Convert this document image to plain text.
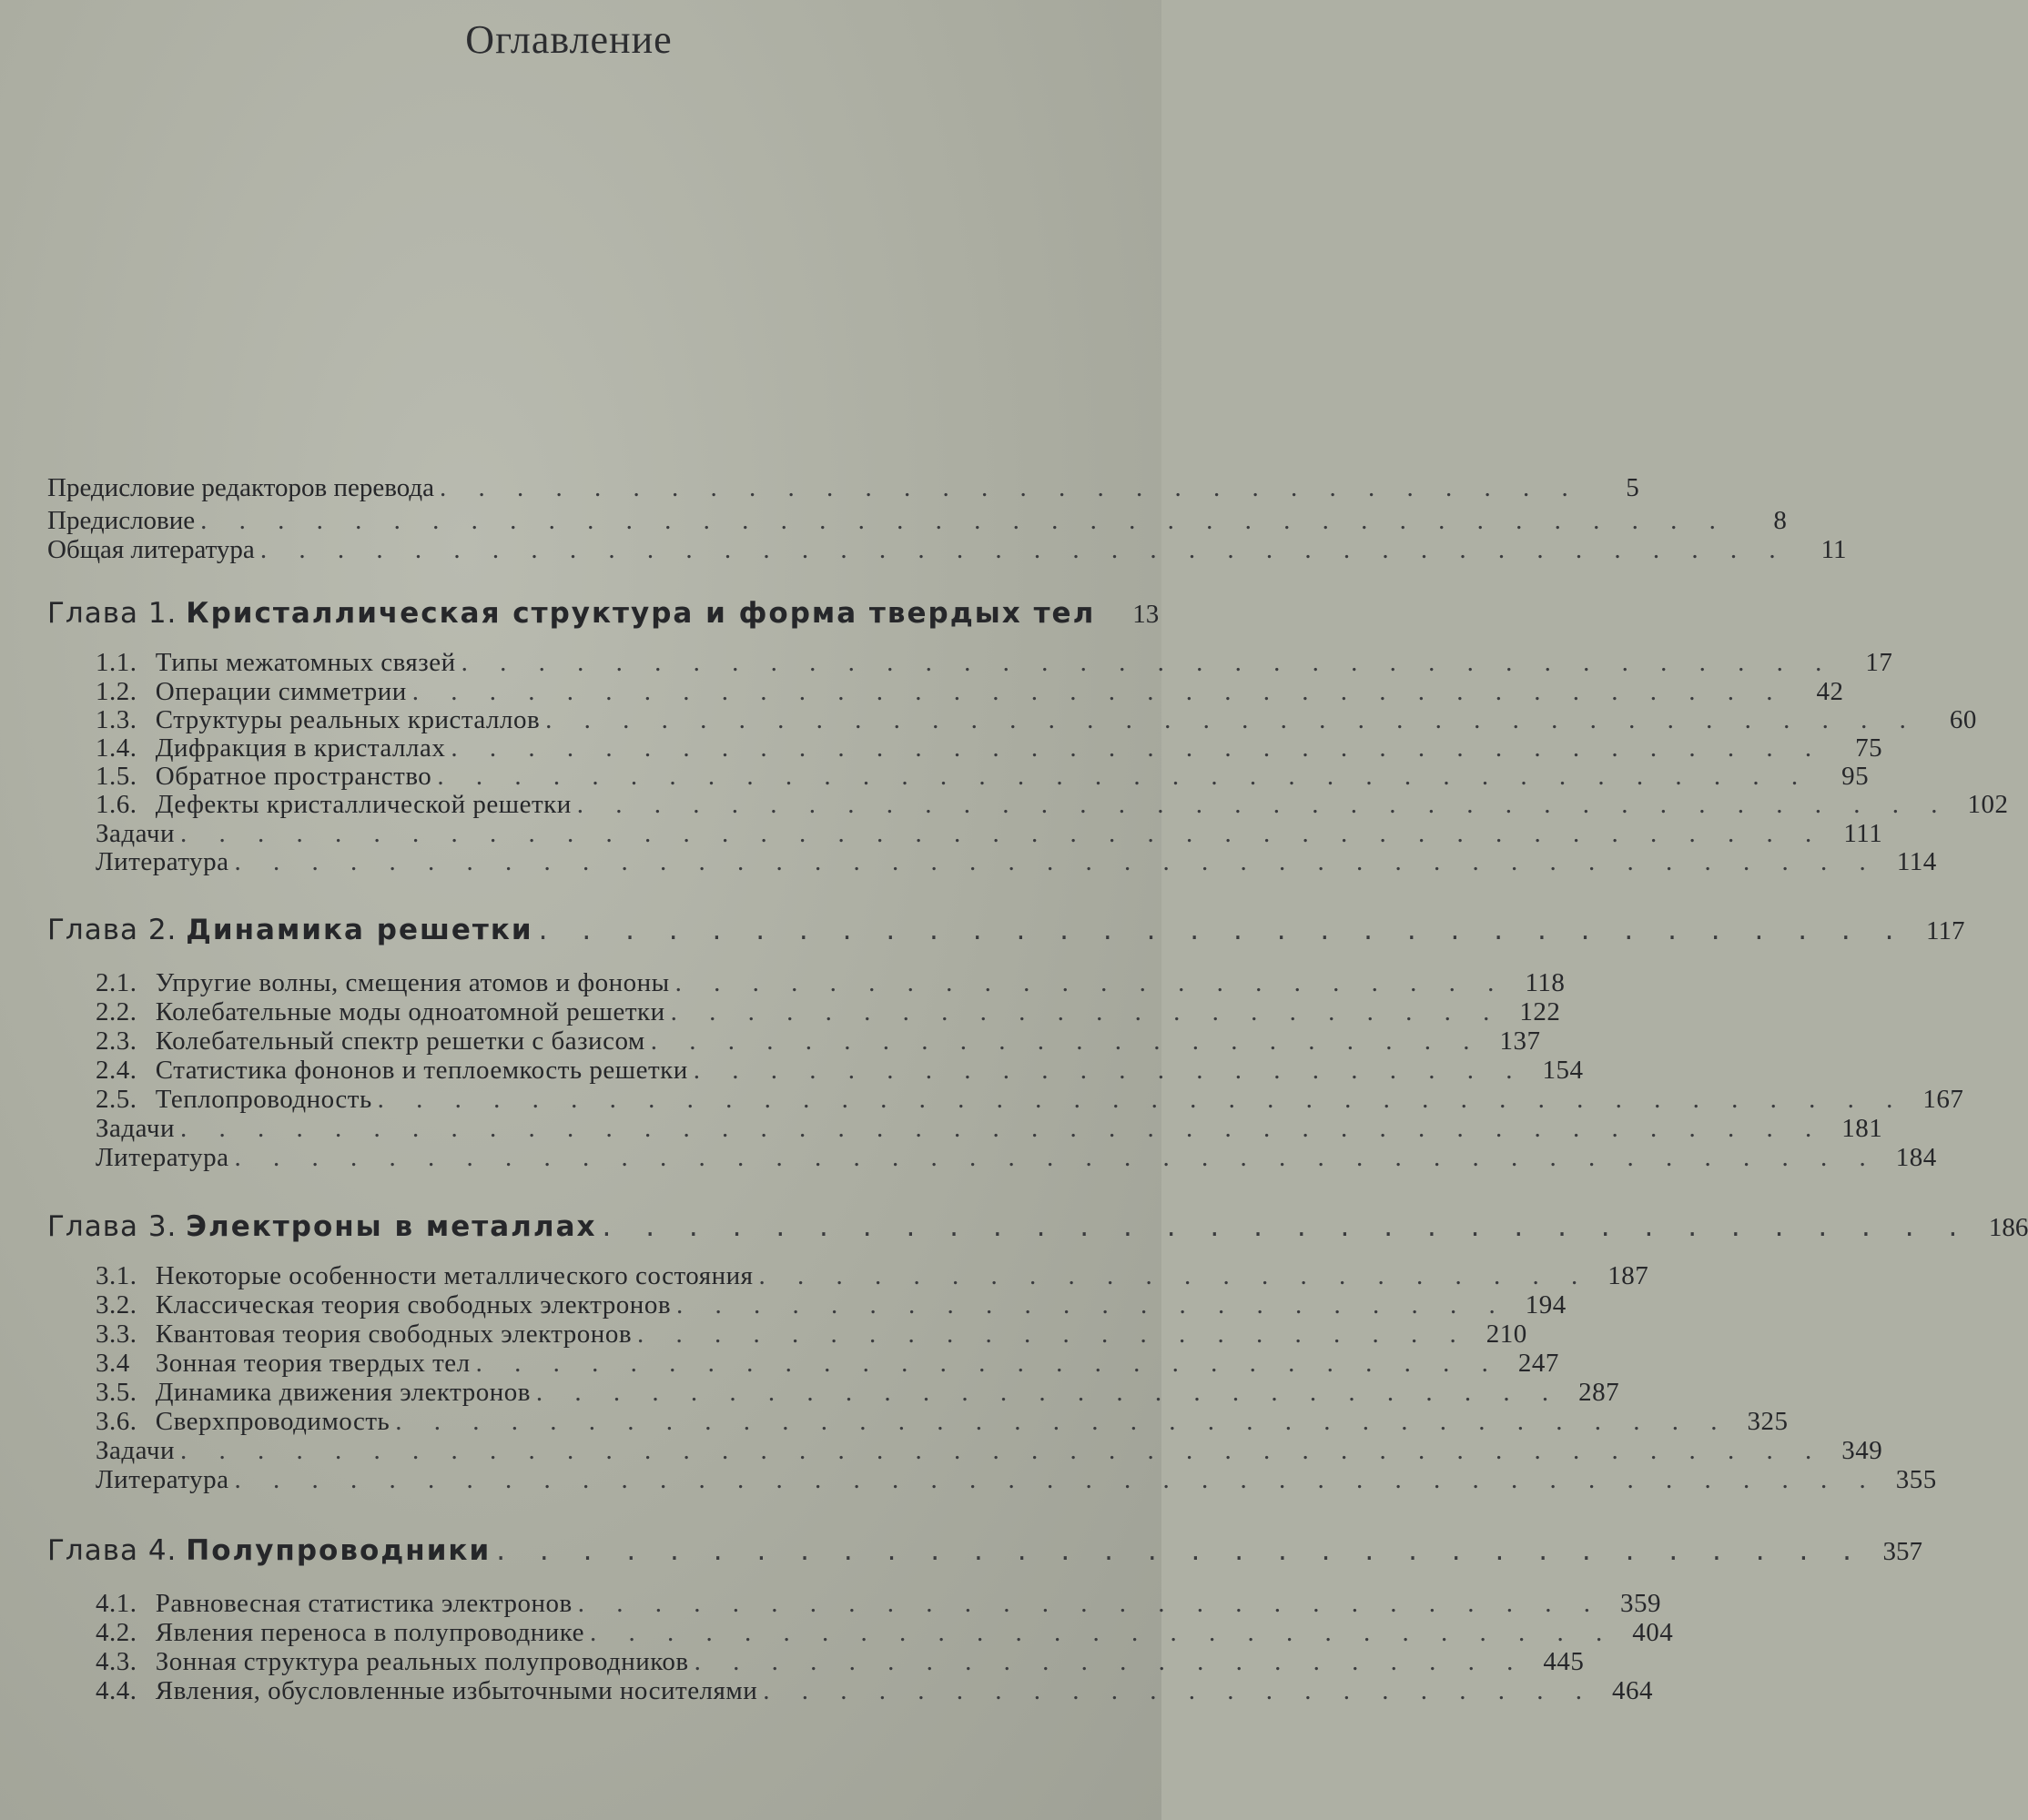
Оглавление
Предисловие редакторов перевода . . . . . . . . . . . . . . . . . . . . . . . . . . . . . .	5
Предисловие . . . . . . . . . . . . . . . . . . . . . . . . . . . . . . . . . . . . . . . .	8
Общая литература . . . . . . . . . . . . . . . . . . . . . . . . . . . . . . . . . . . . . . . .	11
Глава 1. Кристаллическая структура и форма твердых тел	13
1.1. Типы межатомных связей . . . . . . . . . . . . . . . . . . . . . . . . . . . . . . . . . . . .	17
1.2. Операции симметрии . . . . . . . . . . . . . . . . . . . . . . . . . . . . . . . . . . . .	42
1.3. Структуры реальных кристаллов . . . . . . . . . . . . . . . . . . . . . . . . . . . . . . . . . . . .	60
1.4. Дифракция в кристаллах . . . . . . . . . . . . . . . . . . . . . . . . . . . . . . . . . . . .	75
1.5. Обратное пространство . . . . . . . . . . . . . . . . . . . . . . . . . . . . . . . . . . . .	95
1.6. Дефекты кристаллической решетки . . . . . . . . . . . . . . . . . . . . . . . . . . . . . . . . . . . . 102
Задачи . . . . . . . . . . . . . . . . . . . . . . . . . . . . . . . . . . . . . . . . . . . 111
Литература . . . . . . . . . . . . . . . . . . . . . . . . . . . . . . . . . . . . . . . . . . . 114
Глава 2. Динамика решетки . . . . . . . . . . . . . . . . . . . . . . . . . . . . . . . . 117
2.1. Упругие волны, смещения атомов и фононы . . . . . . . . . . . . . . . . . . . . . . 118
2.2. Колебательные моды одноатомной решетки . . . . . . . . . . . . . . . . . . . . . . 122
2.3. Колебательный спектр решетки с базисом . . . . . . . . . . . . . . . . . . . . . . 137
2.4. Статистика фононов и теплоемкость решетки . . . . . . . . . . . . . . . . . . . . . . 154
2.5. Теплопроводность . . . . . . . . . . . . . . . . . . . . . . . . . . . . . . . . . . . . . . . . 167
Задачи . . . . . . . . . . . . . . . . . . . . . . . . . . . . . . . . . . . . . . . . . . . 181
Литература . . . . . . . . . . . . . . . . . . . . . . . . . . . . . . . . . . . . . . . . . . . 184
Глава 3. Электроны в металлах . . . . . . . . . . . . . . . . . . . . . . . . . . . . . . . . 186
3.1. Некоторые особенности металлического состояния . . . . . . . . . . . . . . . . . . . . . . 187
3.2. Классическая теория свободных электронов . . . . . . . . . . . . . . . . . . . . . . 194
3.3. Квантовая теория свободных электронов . . . . . . . . . . . . . . . . . . . . . . 210
3.4 Зонная теория твердых тел . . . . . . . . . . . . . . . . . . . . . . . . . . . 247
3.5. Динамика движения электронов . . . . . . . . . . . . . . . . . . . . . . . . . . . 287
3.6. Сверхпроводимость . . . . . . . . . . . . . . . . . . . . . . . . . . . . . . . . . . . 325
Задачи . . . . . . . . . . . . . . . . . . . . . . . . . . . . . . . . . . . . . . . . . . . 349
Литература . . . . . . . . . . . . . . . . . . . . . . . . . . . . . . . . . . . . . . . . . . . 355
Глава 4. Полупроводники . . . . . . . . . . . . . . . . . . . . . . . . . . . . . . . . 357
4.1. Равновесная статистика электронов . . . . . . . . . . . . . . . . . . . . . . . . . . . 359
4.2. Явления переноса в полупроводнике . . . . . . . . . . . . . . . . . . . . . . . . . . . 404
4.3. Зонная структура реальных полупроводников . . . . . . . . . . . . . . . . . . . . . . 445
4.4. Явления, обусловленные избыточными носителями . . . . . . . . . . . . . . . . . . . . . . 464
